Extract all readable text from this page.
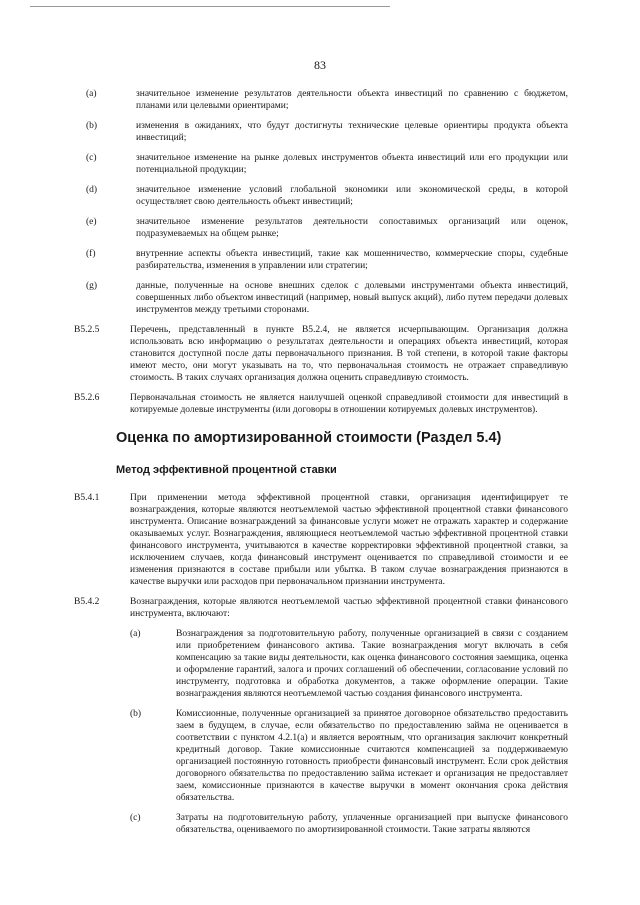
83
(a)	значительное изменение результатов деятельности объекта инвестиций по сравнению с бюджетом, планами или целевыми ориентирами;
(b)	изменения в ожиданиях, что будут достигнуты технические целевые ориентиры продукта объекта инвестиций;
(c)	значительное изменение на рынке долевых инструментов объекта инвестиций или его продукции или потенциальной продукции;
(d)	значительное изменение условий глобальной экономики или экономической среды, в которой осуществляет свою деятельность объект инвестиций;
(e)	значительное изменение результатов деятельности сопоставимых организаций или оценок, подразумеваемых на общем рынке;
(f)	внутренние аспекты объекта инвестиций, такие как мошенничество, коммерческие споры, судебные разбирательства, изменения в управлении или стратегии;
(g)	данные, полученные на основе внешних сделок с долевыми инструментами объекта инвестиций, совершенных либо объектом инвестиций (например, новый выпуск акций), либо путем передачи долевых инструментов между третьими сторонами.
B5.2.5	Перечень, представленный в пункте B5.2.4, не является исчерпывающим. Организация должна использовать всю информацию о результатах деятельности и операциях объекта инвестиций, которая становится доступной после даты первоначального признания. В той степени, в которой такие факторы имеют место, они могут указывать на то, что первоначальная стоимость не отражает справедливую стоимость. В таких случаях организация должна оценить справедливую стоимость.
B5.2.6	Первоначальная стоимость не является наилучшей оценкой справедливой стоимости для инвестиций в котируемые долевые инструменты (или договоры в отношении котируемых долевых инструментов).
Оценка по амортизированной стоимости (Раздел 5.4)
Метод эффективной процентной ставки
B5.4.1	При применении метода эффективной процентной ставки, организация идентифицирует те вознаграждения, которые являются неотъемлемой частью эффективной процентной ставки финансового инструмента. Описание вознаграждений за финансовые услуги может не отражать характер и содержание оказываемых услуг. Вознаграждения, являющиеся неотъемлемой частью эффективной процентной ставки финансового инструмента, учитываются в качестве корректировки эффективной процентной ставки, за исключением случаев, когда финансовый инструмент оценивается по справедливой стоимости и ее изменения признаются в составе прибыли или убытка. В таком случае вознаграждения признаются в качестве выручки или расходов при первоначальном признании инструмента.
B5.4.2	Вознаграждения, которые являются неотъемлемой частью эффективной процентной ставки финансового инструмента, включают:
(a)	Вознаграждения за подготовительную работу, полученные организацией в связи с созданием или приобретением финансового актива. Такие вознаграждения могут включать в себя компенсацию за такие виды деятельности, как оценка финансового состояния заемщика, оценка и оформление гарантий, залога и прочих соглашений об обеспечении, согласование условий по инструменту, подготовка и обработка документов, а также оформление операции. Такие вознаграждения являются неотъемлемой частью создания финансового инструмента.
(b)	Комиссионные, полученные организацией за принятое договорное обязательство предоставить заем в будущем, в случае, если обязательство по предоставлению займа не оценивается в соответствии с пунктом 4.2.1(a) и является вероятным, что организация заключит конкретный кредитный договор. Такие комиссионные считаются компенсацией за поддерживаемую организацией постоянную готовность приобрести финансовый инструмент. Если срок действия договорного обязательства по предоставлению займа истекает и организация не предоставляет заем, комиссионные признаются в качестве выручки в момент окончания срока действия обязательства.
(c)	Затраты на подготовительную работу, уплаченные организацией при выпуске финансового обязательства, оцениваемого по амортизированной стоимости. Такие затраты являются
